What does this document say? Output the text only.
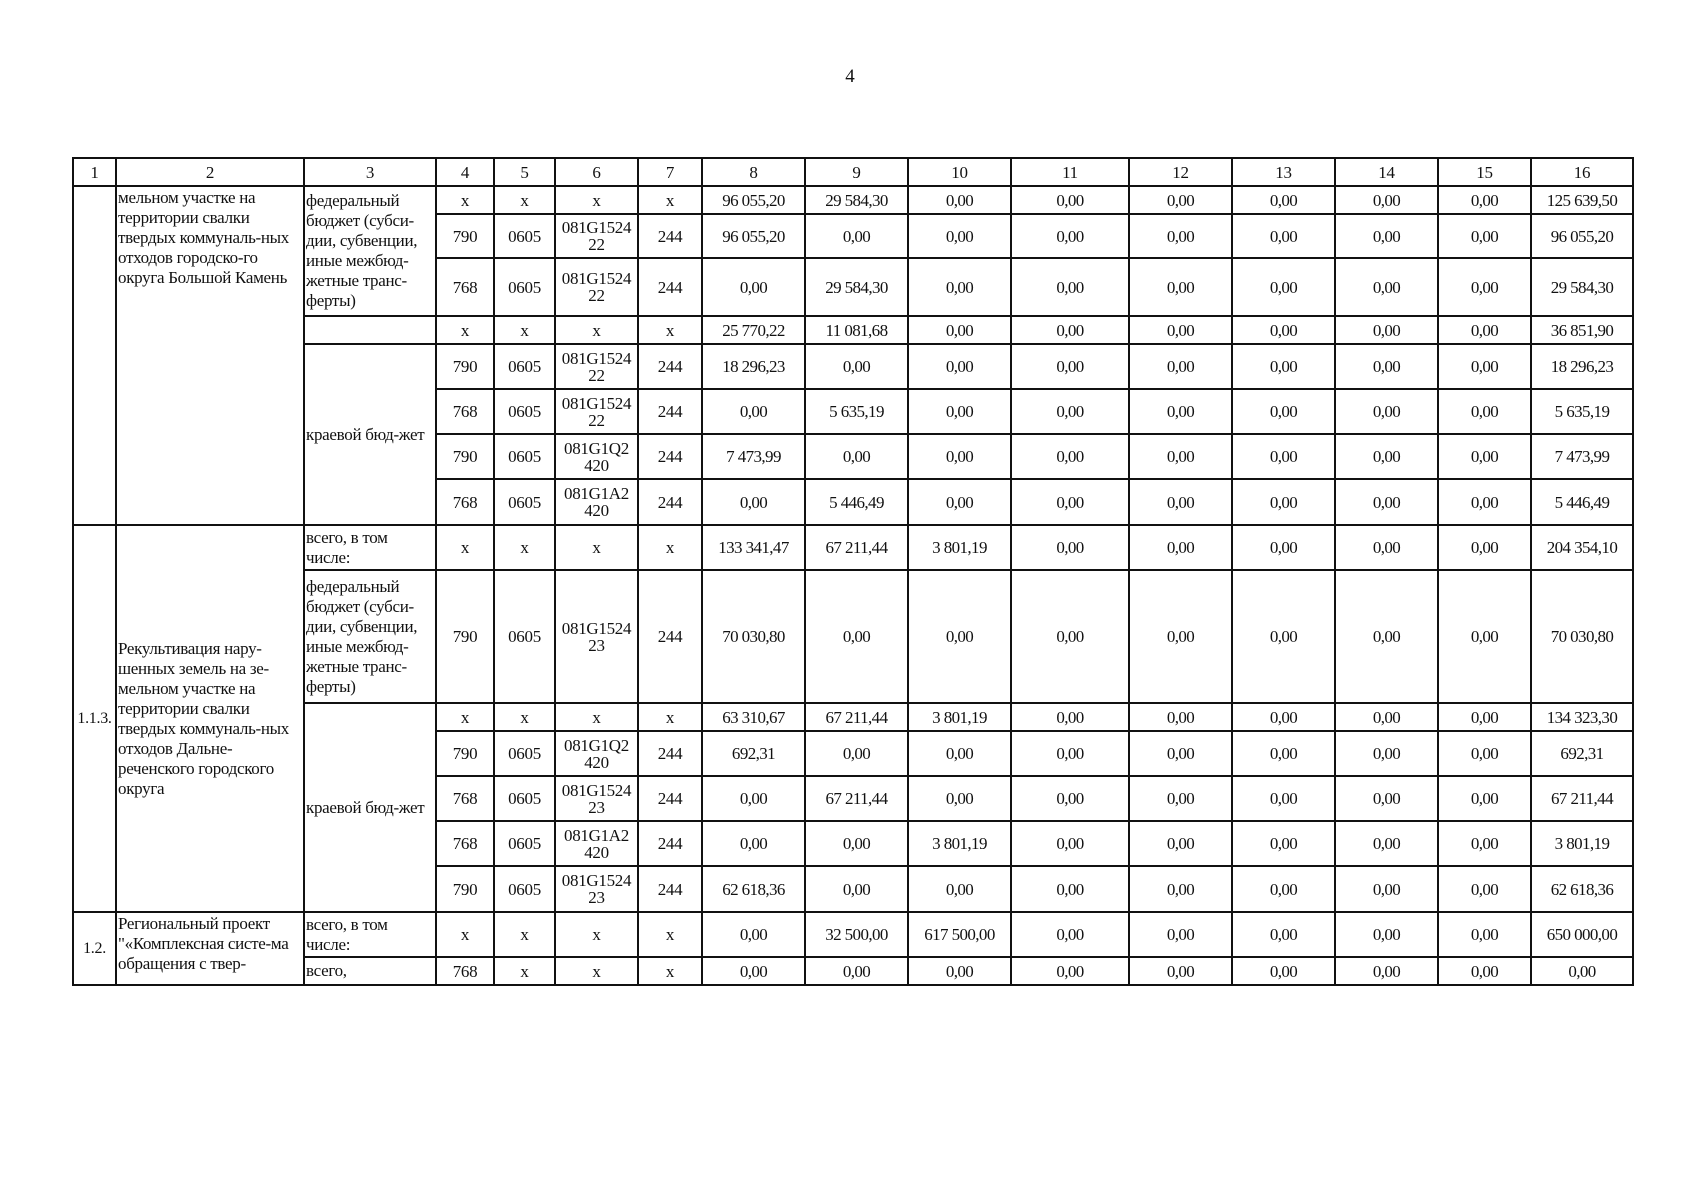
4
1	2	3	4	5	6	7	8	9	10	11	12	13	14	15	16
	мельном участке на территории свалки твердых коммуналь-ных отходов городско-го округа Большой Камень	федеральный бюджет (субси-дии, субвенции, иные межбюд-жетные транс-ферты)	х	х	х	х	96 055,20	29 584,30	0,00	0,00	0,00	0,00	0,00	0,00	125 639,50
			790	0605	081G1524 22	244	96 055,20	0,00	0,00	0,00	0,00	0,00	0,00	0,00	96 055,20
			768	0605	081G1524 22	244	0,00	29 584,30	0,00	0,00	0,00	0,00	0,00	0,00	29 584,30
			х	х	х	х	25 770,22	11 081,68	0,00	0,00	0,00	0,00	0,00	0,00	36 851,90
		краевой бюд-жет	790	0605	081G1524 22	244	18 296,23	0,00	0,00	0,00	0,00	0,00	0,00	0,00	18 296,23
			768	0605	081G1524 22	244	0,00	5 635,19	0,00	0,00	0,00	0,00	0,00	0,00	5 635,19
			790	0605	081G1Q2 420	244	7 473,99	0,00	0,00	0,00	0,00	0,00	0,00	0,00	7 473,99
			768	0605	081G1A2 420	244	0,00	5 446,49	0,00	0,00	0,00	0,00	0,00	0,00	5 446,49
1.1.3.	Рекультивация нару-шенных земель на зе-мельном участке на территории свалки твердых коммуналь-ных отходов Дальне-реченского городского округа	всего, в том числе:	х	х	х	х	133 341,47	67 211,44	3 801,19	0,00	0,00	0,00	0,00	0,00	204 354,10
		федеральный бюджет (субси-дии, субвенции, иные межбюд-жетные транс-ферты)	790	0605	081G1524 23	244	70 030,80	0,00	0,00	0,00	0,00	0,00	0,00	0,00	70 030,80
		краевой бюд-жет	х	х	х	х	63 310,67	67 211,44	3 801,19	0,00	0,00	0,00	0,00	0,00	134 323,30
			790	0605	081G1Q2 420	244	692,31	0,00	0,00	0,00	0,00	0,00	0,00	0,00	692,31
			768	0605	081G1524 23	244	0,00	67 211,44	0,00	0,00	0,00	0,00	0,00	0,00	67 211,44
			768	0605	081G1A2 420	244	0,00	0,00	3 801,19	0,00	0,00	0,00	0,00	0,00	3 801,19
			790	0605	081G1524 23	244	62 618,36	0,00	0,00	0,00	0,00	0,00	0,00	0,00	62 618,36
1.2.	Региональный проект "«Комплексная систе-ма обращения с твер-	всего, в том числе:	х	х	х	х	0,00	32 500,00	617 500,00	0,00	0,00	0,00	0,00	0,00	650 000,00
		всего,	768	х	х	х	0,00	0,00	0,00	0,00	0,00	0,00	0,00	0,00	0,00
